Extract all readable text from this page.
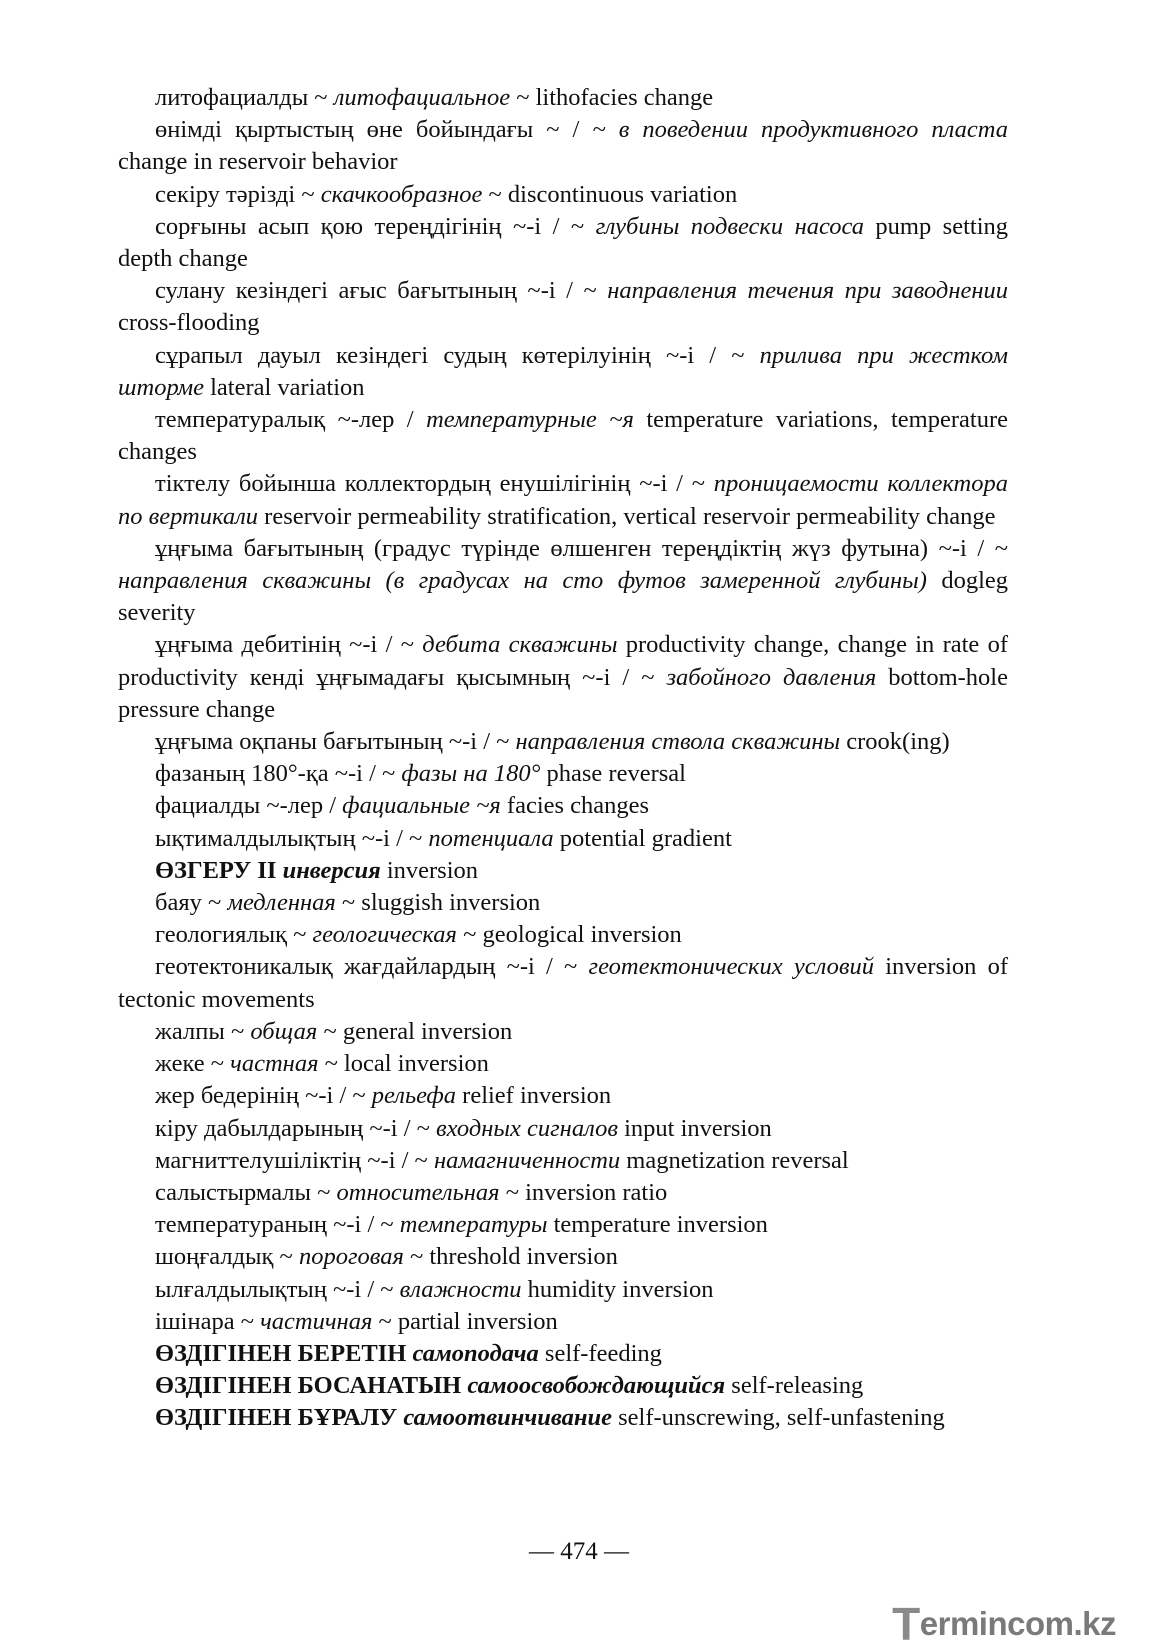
литофациалды ~ литофациальное ~ lithofacies change

өнімді қыртыстың өне бойындағы ~ / ~ в поведении продуктивного пласта change in reservoir behavior

секіру тәрізді ~ скачкообразное ~ discontinuous variation

сорғыны асып қою тереңдігінің ~-і / ~ глубины подвески насоса pump setting depth change

сулану кезіндегі ағыс бағытының ~-і / ~ направления течения при заводнении cross-flooding

сұрапыл дауыл кезіндегі судың көтерілуінің ~-і / ~ прилива при жестком шторме lateral variation

температуралық ~-лер / температурные ~я temperature variations, temperature changes

тіктелу бойынша коллектордың енушілігінің ~-і / ~ проницаемости коллектора по вертикали reservoir permeability stratification, vertical reservoir permeability change

ұңғыма бағытының (градус түрінде өлшенген тереңдіктің жүз футына) ~-і / ~ направления скважины (в градусах на сто футов замеренной глубины) dogleg severity

ұңғыма дебитінің ~-і / ~ дебита скважины productivity change, change in rate of productivity кенді ұңғымадағы қысымның ~-і / ~ забойного давления bottom-hole pressure change

ұңғыма оқпаны бағытының ~-і / ~ направления ствола скважины crook(ing)

фазаның 180°-қа ~-і / ~ фазы на 180° phase reversal

фациалды ~-лер / фациальные ~я facies changes

ықтималдылықтың ~-і / ~ потенциала potential gradient

ӨЗГЕРУ II инверсия inversion

баяу ~ медленная ~ sluggish inversion

геологиялық ~ геологическая ~ geological inversion

геотектоникалық жағдайлардың ~-і / ~ геотектонических условий inversion of tectonic movements

жалпы ~ общая ~ general inversion

жеке ~ частная ~ local inversion

жер бедерінің ~-і / ~ рельефа relief inversion

кіру дабылдарының ~-і / ~ входных сигналов input inversion

магниттелушіліктің ~-і / ~ намагниченности magnetization reversal

салыстырмалы ~ относительная ~ inversion ratio

температураның ~-і / ~ температуры temperature inversion

шоңғалдық ~ пороговая ~ threshold inversion

ылғалдылықтың ~-і / ~ влажности humidity inversion

ішінара ~ частичная ~ partial inversion

ӨЗДІГІНЕН БЕРЕТІН самоподача self-feeding

ӨЗДІГІНЕН БОСАНАТЫН самоосвобождающийся self-releasing

ӨЗДІГІНЕН БҰРАЛУ самоотвинчивание self-unscrewing, self-unfastening

— 474 —
Termincom.kz
